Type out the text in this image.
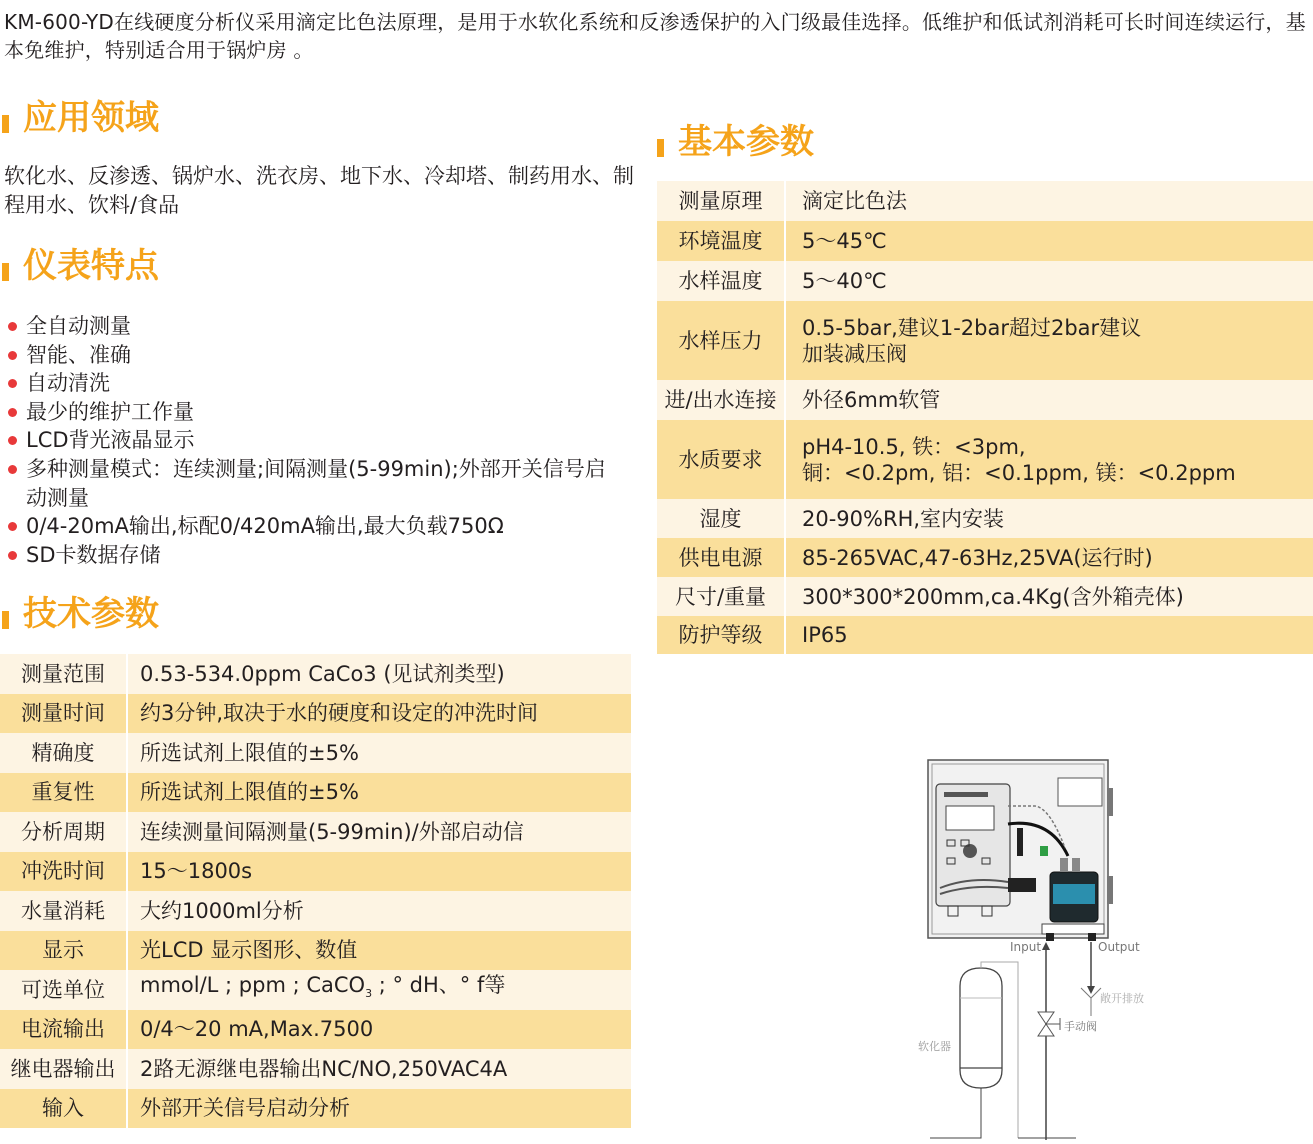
KM-600-YD在线硬度分析仪采用滴定比色法原理，是用于水软化系统和反渗透保护的入门级最佳选择。低维护和低试剂消耗可长时间连续运行，基本免维护，特别适合用于锅炉房 。

应用领域

软化水、反渗透、锅炉水、洗衣房、地下水、冷却塔、制药用水、制程用水、饮料/食品

仪表特点
全自动测量
智能、准确
自动清洗
最少的维护工作量
LCD背光液晶显示
多种测量模式：连续测量;间隔测量(5-99min);外部开关信号启动测量
0/4-20mA输出,标配0/420mA输出,最大负载750Ω
SD卡数据存储
技术参数
测量范围	0.53-534.0ppm CaCo3 (见试剂类型)
测量时间	约3分钟,取决于水的硬度和设定的冲洗时间
精确度	所选试剂上限值的±5%
重复性	所选试剂上限值的±5%
分析周期	连续测量间隔测量(5-99min)/外部启动信
冲洗时间	15～1800s
水量消耗	大约1000ml分析
显示	光LCD 显示图形、数值
可选单位	mmol/L ; ppm ; CaCO$_3$ ; ° dH、° f等
电流输出	0/4～20 mA,Max.7500
继电器输出	2路无源继电器输出NC/NO,250VAC4A
输入	外部开关信号启动分析
基本参数
测量原理	滴定比色法
环境温度	5～45℃
水样温度	5～40℃
水样压力	0.5-5bar,建议1-2bar超过2bar建议
加装减压阀

进/出水连接	外径6mm软管
水质要求	pH4-10.5, 铁：<3pm,
铜：<0.2pm, 铝：<0.1ppm, 镁：<0.2ppm

湿度	20-90%RH,室内安装
供电电源	85-265VAC,47-63Hz,25VA(运行时)
尺寸/重量	300*300*200mm,ca.4Kg(含外箱壳体)
防护等级	IP65
Input	Output
敞开排放
手动阀
软化器
